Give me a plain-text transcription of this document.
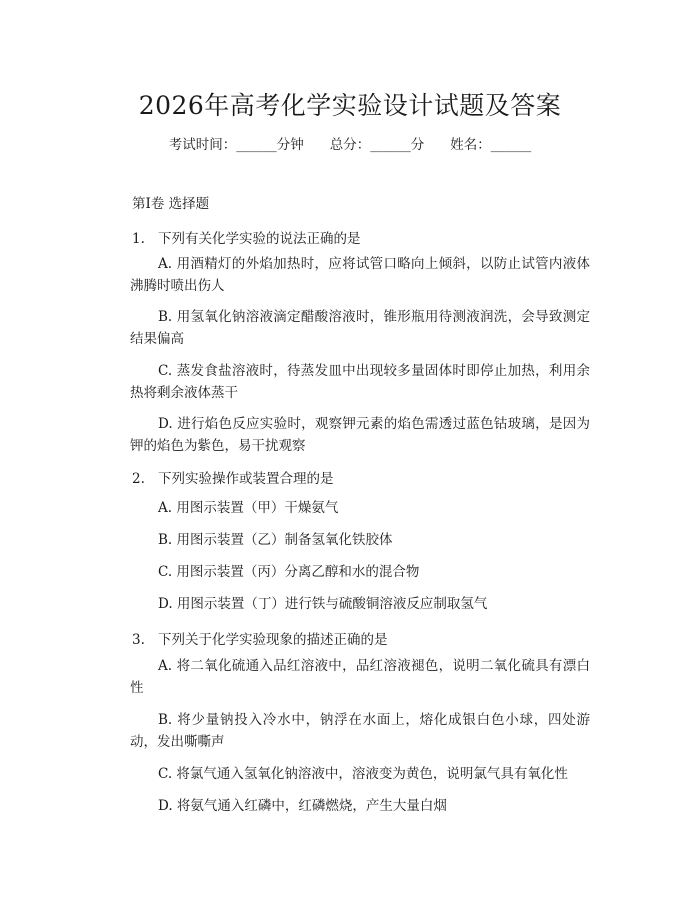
2026年高考化学实验设计试题及答案
考试时间：______分钟 总分：______分 姓名：______
第Ⅰ卷 选择题
1. 下列有关化学实验的说法正确的是
A. 用酒精灯的外焰加热时，应将试管口略向上倾斜，以防止试管内液体沸腾时喷出伤人
B. 用氢氧化钠溶液滴定醋酸溶液时，锥形瓶用待测液润洗，会导致测定结果偏高
C. 蒸发食盐溶液时，待蒸发皿中出现较多量固体时即停止加热，利用余热将剩余液体蒸干
D. 进行焰色反应实验时，观察钾元素的焰色需透过蓝色钴玻璃，是因为钾的焰色为紫色，易干扰观察
2. 下列实验操作或装置合理的是
A. 用图示装置（甲）干燥氨气
B. 用图示装置（乙）制备氢氧化铁胶体
C. 用图示装置（丙）分离乙醇和水的混合物
D. 用图示装置（丁）进行铁与硫酸铜溶液反应制取氢气
3. 下列关于化学实验现象的描述正确的是
A. 将二氧化硫通入品红溶液中，品红溶液褪色，说明二氧化硫具有漂白性
B. 将少量钠投入冷水中，钠浮在水面上，熔化成银白色小球，四处游动，发出嘶嘶声
C. 将氯气通入氢氧化钠溶液中，溶液变为黄色，说明氯气具有氧化性
D. 将氨气通入红磷中，红磷燃烧，产生大量白烟
